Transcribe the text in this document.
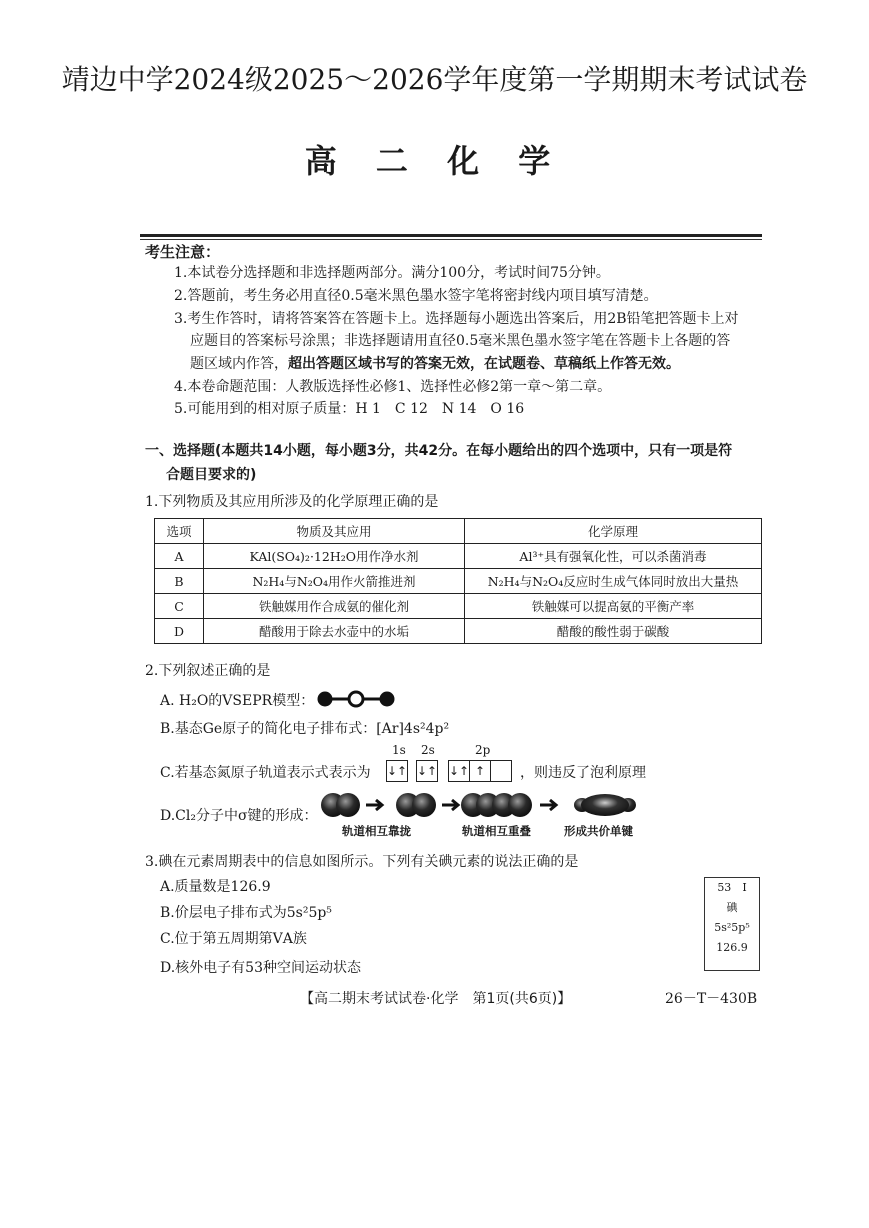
靖边中学2024级2025～2026学年度第一学期期末考试试卷
高 二 化 学
考生注意：
1.本试卷分选择题和非选择题两部分。满分100分，考试时间75分钟。
2.答题前，考生务必用直径0.5毫米黑色墨水签字笔将密封线内项目填写清楚。
3.考生作答时，请将答案答在答题卡上。选择题每小题选出答案后，用2B铅笔把答题卡上对
应题目的答案标号涂黑；非选择题请用直径0.5毫米黑色墨水签字笔在答题卡上各题的答
题区域内作答，超出答题区域书写的答案无效，在试题卷、草稿纸上作答无效。
4.本卷命题范围：人教版选择性必修1、选择性必修2第一章～第二章。
5.可能用到的相对原子质量：H 1　C 12　N 14　O 16
一、选择题(本题共14小题，每小题3分，共42分。在每小题给出的四个选项中，只有一项是符
合题目要求的)
1.下列物质及其应用所涉及的化学原理正确的是
选项	物质及其应用	化学原理
A	KAl(SO₄)₂·12H₂O用作净水剂	Al³⁺具有强氧化性，可以杀菌消毒
B	N₂H₄与N₂O₄用作火箭推进剂	N₂H₄与N₂O₄反应时生成气体同时放出大量热
C	铁触媒用作合成氨的催化剂	铁触媒可以提高氨的平衡产率
D	醋酸用于除去水壶中的水垢	醋酸的酸性弱于碳酸
2.下列叙述正确的是
A. H₂O的VSEPR模型：
B.基态Ge原子的简化电子排布式：[Ar]4s²4p²
C.若基态氮原子轨道表示式表示为
1s 2s	2p
↓↑ ↓↑ ↓↑ ↑	，则违反了泡利原理
D.Cl₂分子中σ键的形成：
轨道相互靠拢	轨道相互重叠	形成共价单键
3.碘在元素周期表中的信息如图所示。下列有关碘元素的说法正确的是
A.质量数是126.9
B.价层电子排布式为5s²5p⁵
C.位于第五周期第ⅤA族
D.核外电子有53种空间运动状态
53　 I
碘
5s²5p⁵
126.9
【高二期末考试试卷·化学　第1页(共6页)】	26－T－430B
